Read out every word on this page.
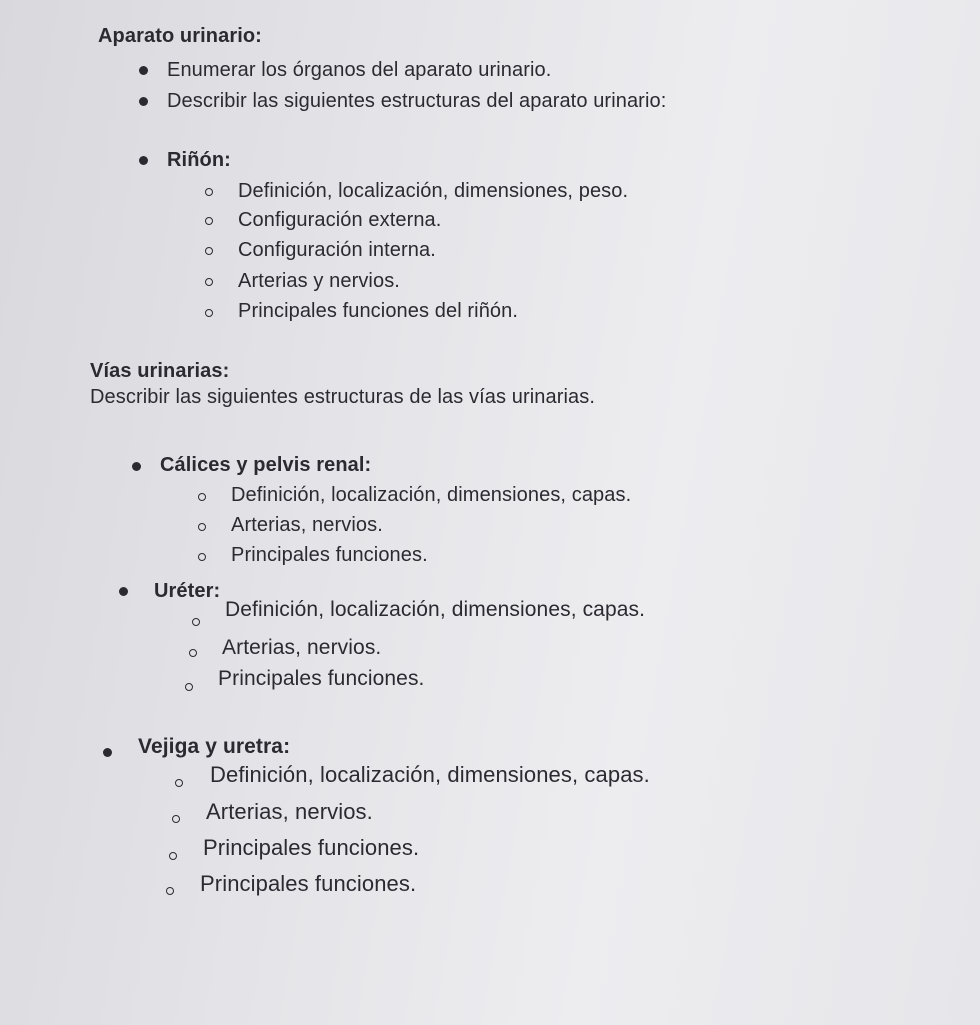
Aparato urinario:
Enumerar los órganos del aparato urinario.
Describir las siguientes estructuras del aparato urinario:
Riñón:
Definición, localización, dimensiones, peso.
Configuración externa.
Configuración interna.
Arterias y nervios.
Principales funciones del riñón.
Vías urinarias:
Describir las siguientes estructuras de las vías urinarias.
Cálices y pelvis renal:
Definición, localización, dimensiones, capas.
Arterias, nervios.
Principales funciones.
Uréter:
Definición, localización, dimensiones, capas.
Arterias, nervios.
Principales funciones.
Vejiga y uretra:
Definición, localización, dimensiones, capas.
Arterias, nervios.
Principales funciones.
Principales funciones.
